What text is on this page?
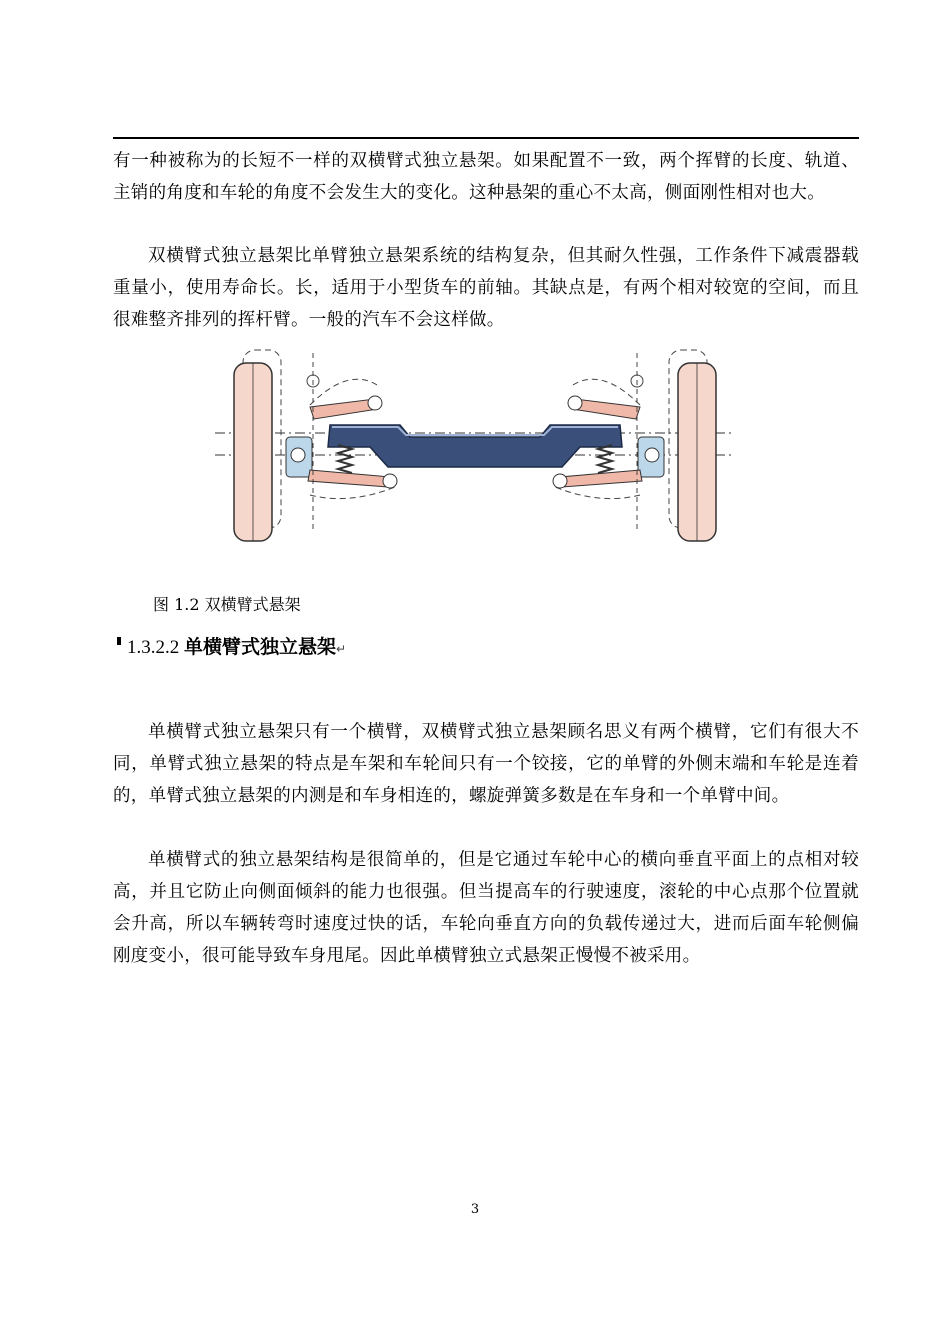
有一种被称为的长短不一样的双横臂式独立悬架。如果配置不一致，两个挥臂的长度、轨道、主销的角度和车轮的角度不会发生大的变化。这种悬架的重心不太高，侧面刚性相对也大。

双横臂式独立悬架比单臂独立悬架系统的结构复杂，但其耐久性强，工作条件下减震器载重量小，使用寿命长。长，适用于小型货车的前轴。其缺点是，有两个相对较宽的空间，而且很难整齐排列的挥杆臂。一般的汽车不会这样做。

图 1.2 双横臂式悬架
1.3.2.2 单横臂式独立悬架↵

单横臂式独立悬架只有一个横臂，双横臂式独立悬架顾名思义有两个横臂，它们有很大不同，单臂式独立悬架的特点是车架和车轮间只有一个铰接，它的单臂的外侧末端和车轮是连着的，单臂式独立悬架的内测是和车身相连的，螺旋弹簧多数是在车身和一个单臂中间。

单横臂式的独立悬架结构是很简单的，但是它通过车轮中心的横向垂直平面上的点相对较高，并且它防止向侧面倾斜的能力也很强。但当提高车的行驶速度，滚轮的中心点那个位置就会升高，所以车辆转弯时速度过快的话，车轮向垂直方向的负载传递过大，进而后面车轮侧偏刚度变小，很可能导致车身甩尾。因此单横臂独立式悬架正慢慢不被采用。

3
